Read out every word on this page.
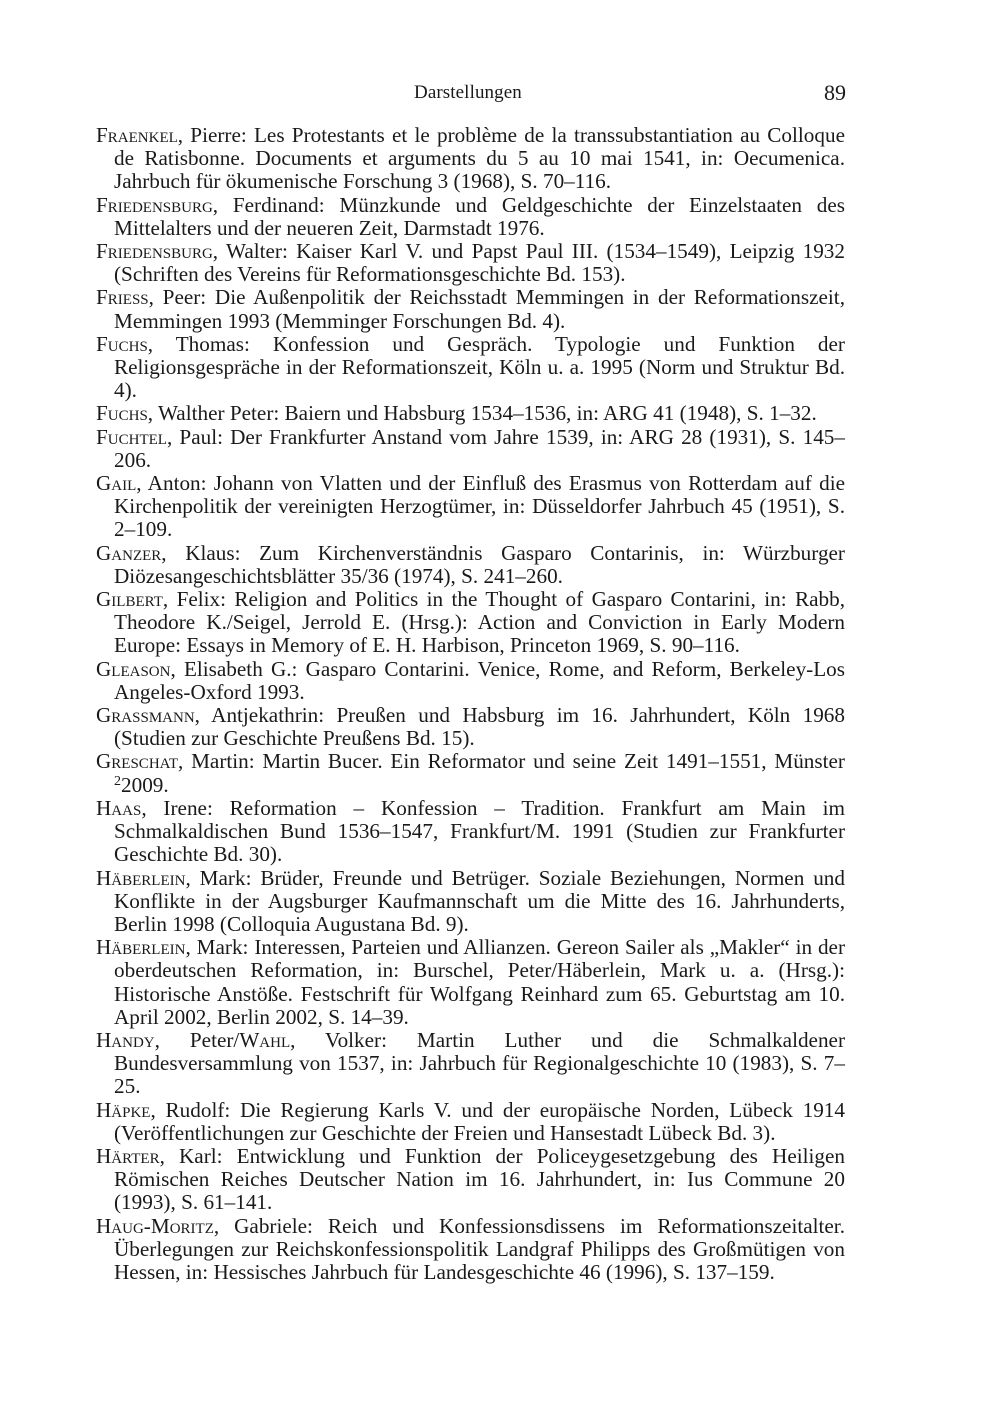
Darstellungen	89

Fraenkel, Pierre: Les Protestants et le problème de la transsubstantiation au Colloque de Ratisbonne. Documents et arguments du 5 au 10 mai 1541, in: Oecumenica. Jahrbuch für ökumenische Forschung 3 (1968), S. 70–116.

Friedensburg, Ferdinand: Münzkunde und Geldgeschichte der Einzelstaaten des Mittelalters und der neueren Zeit, Darmstadt 1976.

Friedensburg, Walter: Kaiser Karl V. und Papst Paul III. (1534–1549), Leipzig 1932 (Schriften des Vereins für Reformationsgeschichte Bd. 153).

Friess, Peer: Die Außenpolitik der Reichsstadt Memmingen in der Reformationszeit, Memmingen 1993 (Memminger Forschungen Bd. 4).

Fuchs, Thomas: Konfession und Gespräch. Typologie und Funktion der Religionsgespräche in der Reformationszeit, Köln u. a. 1995 (Norm und Struktur Bd. 4).

Fuchs, Walther Peter: Baiern und Habsburg 1534–1536, in: ARG 41 (1948), S. 1–32.

Fuchtel, Paul: Der Frankfurter Anstand vom Jahre 1539, in: ARG 28 (1931), S. 145–206.

Gail, Anton: Johann von Vlatten und der Einfluß des Erasmus von Rotterdam auf die Kirchenpolitik der vereinigten Herzogtümer, in: Düsseldorfer Jahrbuch 45 (1951), S. 2–109.

Ganzer, Klaus: Zum Kirchenverständnis Gasparo Contarinis, in: Würzburger Diözesangeschichtsblätter 35/36 (1974), S. 241–260.

Gilbert, Felix: Religion and Politics in the Thought of Gasparo Contarini, in: Rabb, Theodore K./Seigel, Jerrold E. (Hrsg.): Action and Conviction in Early Modern Europe: Essays in Memory of E. H. Harbison, Princeton 1969, S. 90–116.

Gleason, Elisabeth G.: Gasparo Contarini. Venice, Rome, and Reform, Berkeley-Los Angeles-Oxford 1993.

Grassmann, Antjekathrin: Preußen und Habsburg im 16. Jahrhundert, Köln 1968 (Studien zur Geschichte Preußens Bd. 15).

Greschat, Martin: Martin Bucer. Ein Reformator und seine Zeit 1491–1551, Münster $^2$2009.

Haas, Irene: Reformation – Konfession – Tradition. Frankfurt am Main im Schmalkaldischen Bund 1536–1547, Frankfurt/M. 1991 (Studien zur Frankfurter Geschichte Bd. 30).

Häberlein, Mark: Brüder, Freunde und Betrüger. Soziale Beziehungen, Normen und Konflikte in der Augsburger Kaufmannschaft um die Mitte des 16. Jahrhunderts, Berlin 1998 (Colloquia Augustana Bd. 9).

Häberlein, Mark: Interessen, Parteien und Allianzen. Gereon Sailer als „Makler“ in der oberdeutschen Reformation, in: Burschel, Peter/Häberlein, Mark u. a. (Hrsg.): Historische Anstöße. Festschrift für Wolfgang Reinhard zum 65. Geburtstag am 10. April 2002, Berlin 2002, S. 14–39.

Handy, Peter/Wahl, Volker: Martin Luther und die Schmalkaldener Bundesversammlung von 1537, in: Jahrbuch für Regionalgeschichte 10 (1983), S. 7–25.

Häpke, Rudolf: Die Regierung Karls V. und der europäische Norden, Lübeck 1914 (Veröffentlichungen zur Geschichte der Freien und Hansestadt Lübeck Bd. 3).

Härter, Karl: Entwicklung und Funktion der Policeygesetzgebung des Heiligen Römischen Reiches Deutscher Nation im 16. Jahrhundert, in: Ius Commune 20 (1993), S. 61–141.

Haug-Moritz, Gabriele: Reich und Konfessionsdissens im Reformationszeitalter. Überlegungen zur Reichskonfessionspolitik Landgraf Philipps des Großmütigen von Hessen, in: Hessisches Jahrbuch für Landesgeschichte 46 (1996), S. 137–159.
